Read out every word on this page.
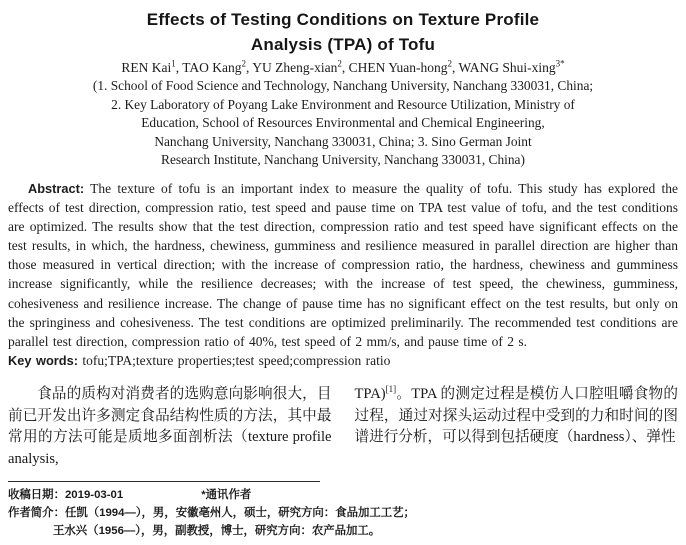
Effects of Testing Conditions on Texture Profile
Analysis (TPA) of Tofu
REN Kai$^1$, TAO Kang$^2$, YU Zheng-xian$^2$, CHEN Yuan-hong$^2$, WANG Shui-xing$^{3*}$
(1. School of Food Science and Technology, Nanchang University, Nanchang 330031, China;
2. Key Laboratory of Poyang Lake Environment and Resource Utilization, Ministry of
Education, School of Resources Environmental and Chemical Engineering,
Nanchang University, Nanchang 330031, China; 3. Sino German Joint
Research Institute, Nanchang University, Nanchang 330031, China)
Abstract: The texture of tofu is an important index to measure the quality of tofu. This study has explored the effects of test direction, compression ratio, test speed and pause time on TPA test value of tofu, and the test conditions are optimized. The results show that the test direction, compression ratio and test speed have significant effects on the test results, in which, the hardness, chewiness, gumminess and resilience measured in parallel direction are higher than those measured in vertical direction; with the increase of compression ratio, the hardness, chewiness and gumminess increase significantly, while the resilience decreases; with the increase of test speed, the chewiness, gumminess, cohesiveness and resilience increase. The change of pause time has no significant effect on the test results, but only on the springiness and cohesiveness. The test conditions are optimized preliminarily. The recommended test conditions are parallel test direction, compression ratio of 40%, test speed of 2 mm/s, and pause time of 2 s.
Key words: tofu;TPA;texture properties;test speed;compression ratio
食品的质构对消费者的选购意向影响很大，目前已开发出许多测定食品结构性质的方法，其中最常用的方法可能是质地多面剖析法（texture profile analysis,
TPA)[1]。TPA 的测定过程是模仿人口腔咀嚼食物的过程，通过对探头运动过程中受到的力和时间的图谱进行分析，可以得到包括硬度（hardness）、弹性
收稿日期：2019-03-01	*通讯作者
作者简介：任凯（1994—），男，安徽亳州人，硕士，研究方向：食品加工工艺；
王水兴（1956—），男，副教授，博士，研究方向：农产品加工。
